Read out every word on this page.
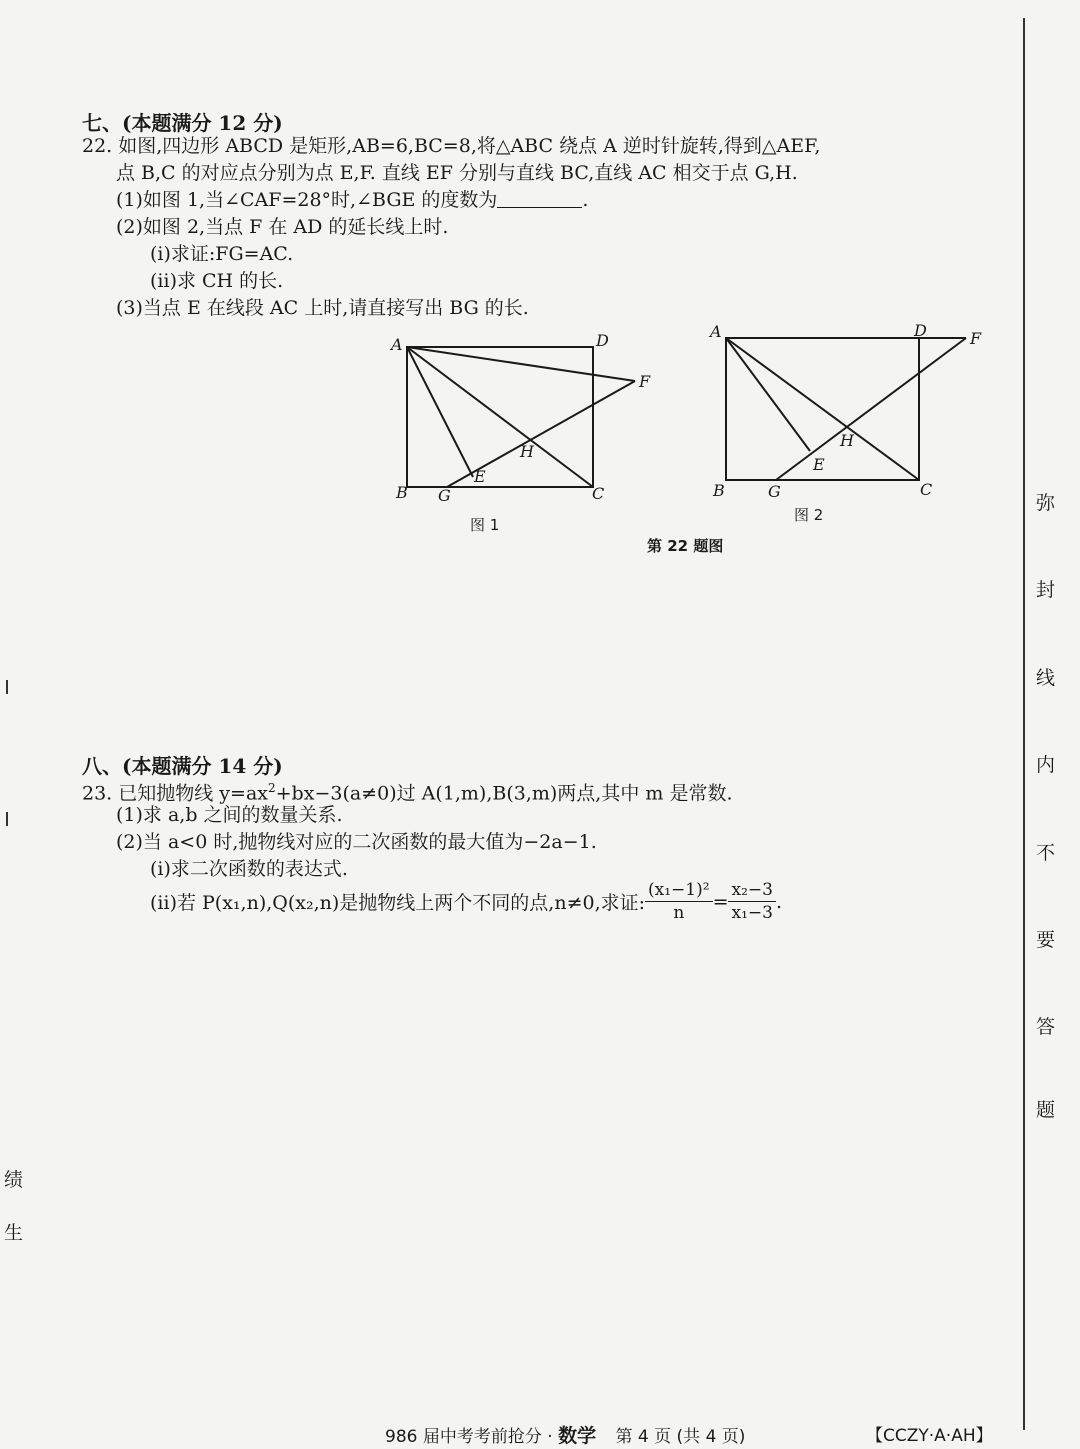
七、(本题满分 12 分)
22. 如图,四边形 ABCD 是矩形,AB=6,BC=8,将△ABC 绕点 A 逆时针旋转,得到△AEF,
点 B,C 的对应点分别为点 E,F. 直线 EF 分别与直线 BC,直线 AC 相交于点 G,H.
(1)如图 1,当∠CAF=28°时,∠BGE 的度数为	.
(2)如图 2,当点 F 在 AD 的延长线上时.
(ⅰ)求证:FG=AC.
(ⅱ)求 CH 的长.
(3)当点 E 在线段 AC 上时,请直接写出 BG 的长.
A	D
F
B G
E
H
C
图 1
A	D	F
B	G
E
H
C
图 2
第 22 题图
八、(本题满分 14 分)
23. 已知抛物线 $y=ax^2+bx-3(a\ne 0)$过 A(1,m),B(3,m)两点,其中 m 是常数.
(1)求 a,b 之间的数量关系.
(2)当 a<0 时,抛物线对应的二次函数的最大值为−2a−1.
(ⅰ)求二次函数的表达式.
(ⅱ)若 P(x₁,n),Q(x₂,n)是抛物线上两个不同的点,n≠0,求证: $\frac{\text{(x₁−1)²}}{n} = \frac{\text{x₂−3}}{\text{x₁−3}}$ .
弥
封
线
内
不
要
答
题
绩
生
986 届中考考前抢分 · 数学 第 4 页 (共 4 页)	【CCZY·A·AH】
